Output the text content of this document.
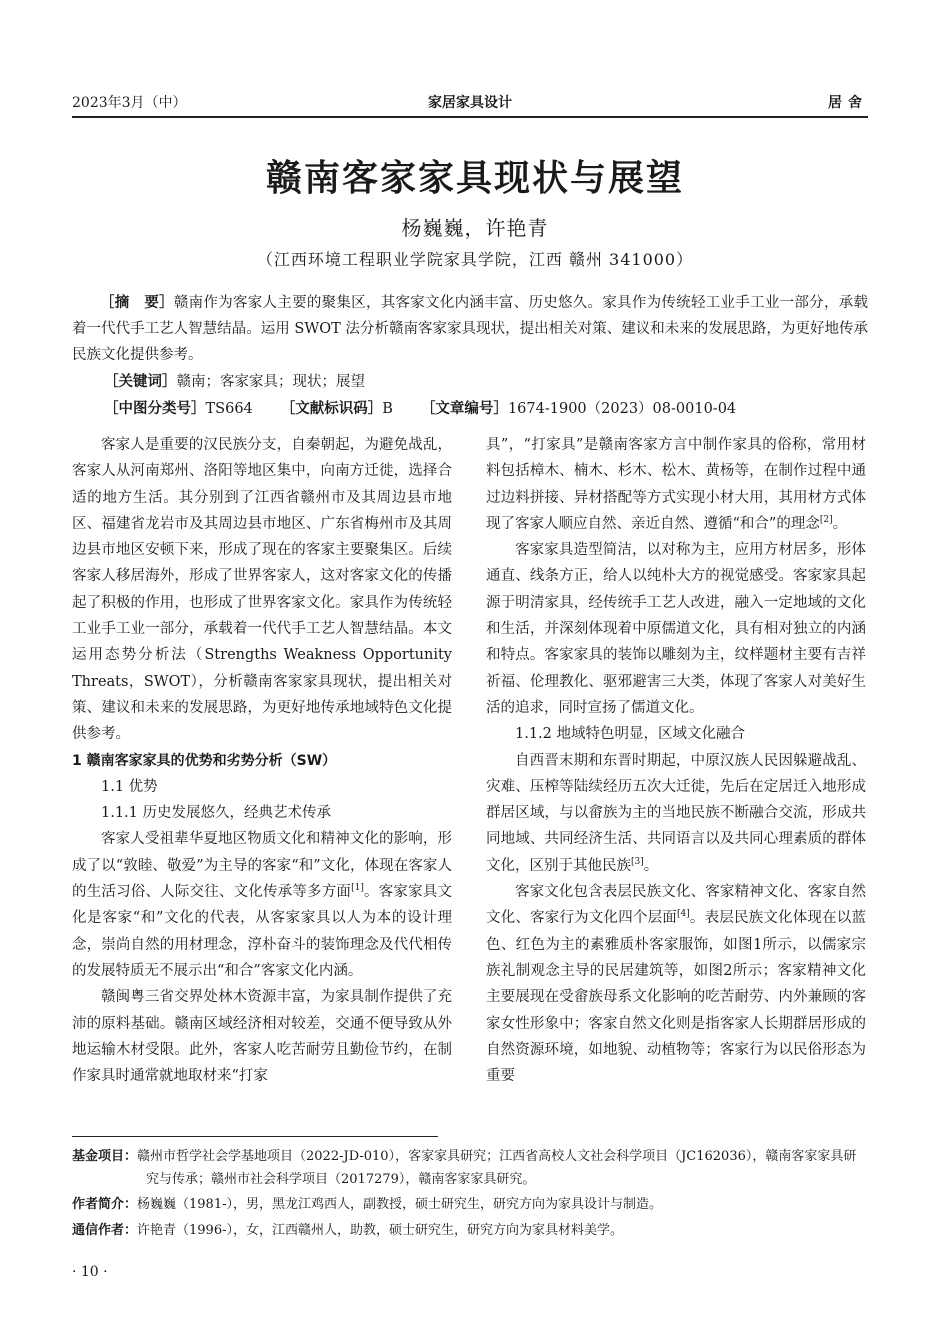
2023年3月（中）	家居家具设计	居舍
赣南客家家具现状与展望
杨巍巍，许艳青
（江西环境工程职业学院家具学院，江西 赣州 341000）
［摘　要］赣南作为客家人主要的聚集区，其客家文化内涵丰富、历史悠久。家具作为传统轻工业手工业一部分，承载着一代代手工艺人智慧结晶。运用 SWOT 法分析赣南客家家具现状，提出相关对策、建议和未来的发展思路，为更好地传承民族文化提供参考。
［关键词］赣南；客家家具；现状；展望
［中图分类号］TS664 ［文献标识码］B ［文章编号］1674-1900（2023）08-0010-04

客家人是重要的汉民族分支，自秦朝起，为避免战乱，客家人从河南郑州、洛阳等地区集中，向南方迁徙，选择合适的地方生活。其分别到了江西省赣州市及其周边县市地区、福建省龙岩市及其周边县市地区、广东省梅州市及其周边县市地区安顿下来，形成了现在的客家主要聚集区。后续客家人移居海外，形成了世界客家人，这对客家文化的传播起了积极的作用，也形成了世界客家文化。家具作为传统轻工业手工业一部分，承载着一代代手工艺人智慧结晶。本文运用态势分析法（Strengths Weakness Opportunity Threats，SWOT），分析赣南客家家具现状，提出相关对策、建议和未来的发展思路，为更好地传承地域特色文化提供参考。

1 赣南客家家具的优势和劣势分析（SW）

1.1 优势

1.1.1 历史发展悠久，经典艺术传承

客家人受祖辈华夏地区物质文化和精神文化的影响，形成了以“敦睦、敬爱”为主导的客家“和”文化，体现在客家人的生活习俗、人际交往、文化传承等多方面[1]。客家家具文化是客家“和”文化的代表，从客家家具以人为本的设计理念，崇尚自然的用材理念，淳朴奋斗的装饰理念及代代相传的发展特质无不展示出“和合”客家文化内涵。

赣闽粤三省交界处林木资源丰富，为家具制作提供了充沛的原料基础。赣南区域经济相对较差，交通不便导致从外地运输木材受限。此外，客家人吃苦耐劳且勤俭节约，在制作家具时通常就地取材来“打家

具”，“打家具”是赣南客家方言中制作家具的俗称，常用材料包括樟木、楠木、杉木、松木、黄杨等，在制作过程中通过边料拼接、异材搭配等方式实现小材大用，其用材方式体现了客家人顺应自然、亲近自然、遵循“和合”的理念[2]。

客家家具造型简洁，以对称为主，应用方材居多，形体通直、线条方正，给人以纯朴大方的视觉感受。客家家具起源于明清家具，经传统手工艺人改进，融入一定地域的文化和生活，并深刻体现着中原儒道文化，具有相对独立的内涵和特点。客家家具的装饰以雕刻为主，纹样题材主要有吉祥祈福、伦理教化、驱邪避害三大类，体现了客家人对美好生活的追求，同时宣扬了儒道文化。

1.1.2 地域特色明显，区域文化融合

自西晋末期和东晋时期起，中原汉族人民因躲避战乱、灾难、压榨等陆续经历五次大迁徙，先后在定居迁入地形成群居区域，与以畲族为主的当地民族不断融合交流，形成共同地域、共同经济生活、共同语言以及共同心理素质的群体文化，区别于其他民族[3]。

客家文化包含表层民族文化、客家精神文化、客家自然文化、客家行为文化四个层面[4]。表层民族文化体现在以蓝色、红色为主的素雅质朴客家服饰，如图1所示，以儒家宗族礼制观念主导的民居建筑等，如图2所示；客家精神文化主要展现在受畲族母系文化影响的吃苦耐劳、内外兼顾的客家女性形象中；客家自然文化则是指客家人长期群居形成的自然资源环境，如地貌、动植物等；客家行为以民俗形态为重要

基金项目：赣州市哲学社会学基地项目（2022-JD-010），客家家具研究；江西省高校人文社会科学项目（JC162036），赣南客家家具研究与传承；赣州市社会科学项目（2017279），赣南客家家具研究。

作者简介：杨巍巍（1981-），男，黑龙江鸡西人，副教授，硕士研究生，研究方向为家具设计与制造。

通信作者：许艳青（1996-），女，江西赣州人，助教，硕士研究生，研究方向为家具材料美学。

· 10 ·
